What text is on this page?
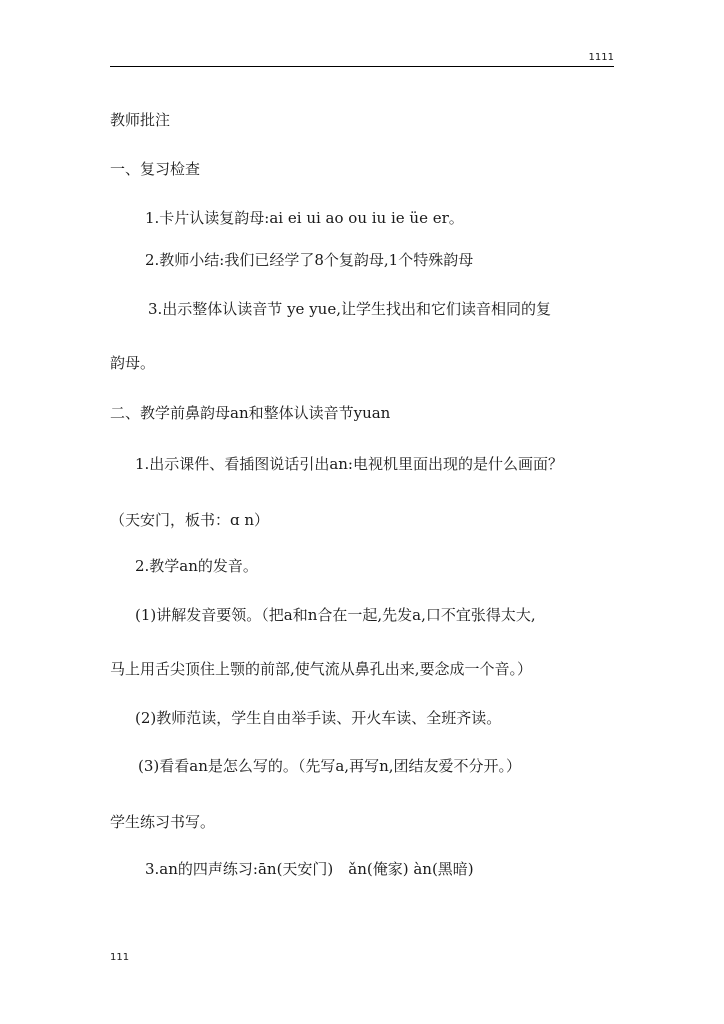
1111
教师批注
一、复习检查
1.卡片认读复韵母:ai ei ui ao ou iu ie üe er。
2.教师小结:我们已经学了8个复韵母,1个特殊韵母
3.出示整体认读音节 ye yue,让学生找出和它们读音相同的复
韵母。
二、教学前鼻韵母an和整体认读音节yuan
1.出示课件、看插图说话引出an:电视机里面出现的是什么画面？
（天安门，板书：ɑ n）
2.教学an的发音。
(1)讲解发音要领。（把a和n合在一起,先发a,口不宜张得太大,
马上用舌尖顶住上颚的前部,使气流从鼻孔出来,要念成一个音。）
(2)教师范读，学生自由举手读、开火车读、全班齐读。
(3)看看an是怎么写的。（先写a,再写n,团结友爱不分开。）
学生练习书写。
3.an的四声练习:ān(天安门)　ǎn(俺家) àn(黑暗)
111
